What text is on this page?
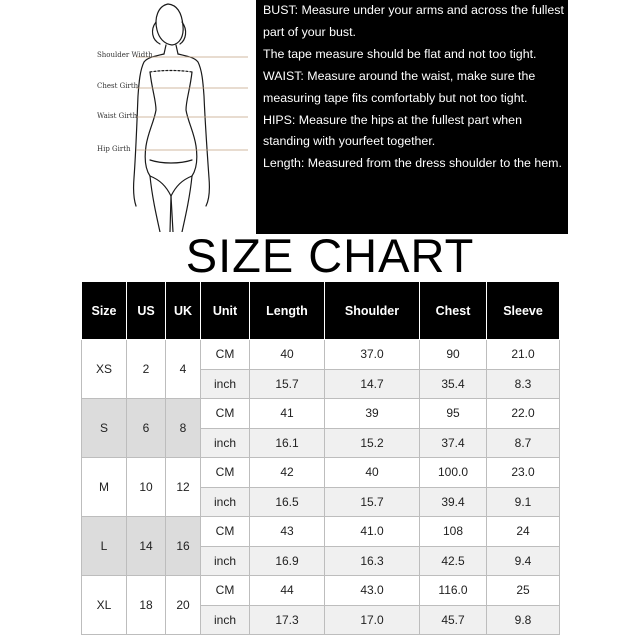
Shoulder Width
Chest Girth
Waist Girth
Hip Girth

BUST: Measure under your arms and across the fullest part of your bust.

The tape measure should be flat and not too tight.

WAIST: Measure around the waist, make sure the measuring tape fits comfortably but not too tight.

HIPS: Measure the hips at the fullest part when standing with yourfeet together.

Length: Measured from the dress shoulder to the hem.

SIZE CHART
Size	US	UK	Unit	Length	Shoulder	Chest	Sleeve
XS	2	4	CM	40	37.0	90	21.0
			inch	15.7	14.7	35.4	8.3
S	6	8	CM	41	39	95	22.0
			inch	16.1	15.2	37.4	8.7
M	10	12	CM	42	40	100.0	23.0
			inch	16.5	15.7	39.4	9.1
L	14	16	CM	43	41.0	108	24
			inch	16.9	16.3	42.5	9.4
XL	18	20	CM	44	43.0	116.0	25
			inch	17.3	17.0	45.7	9.8
